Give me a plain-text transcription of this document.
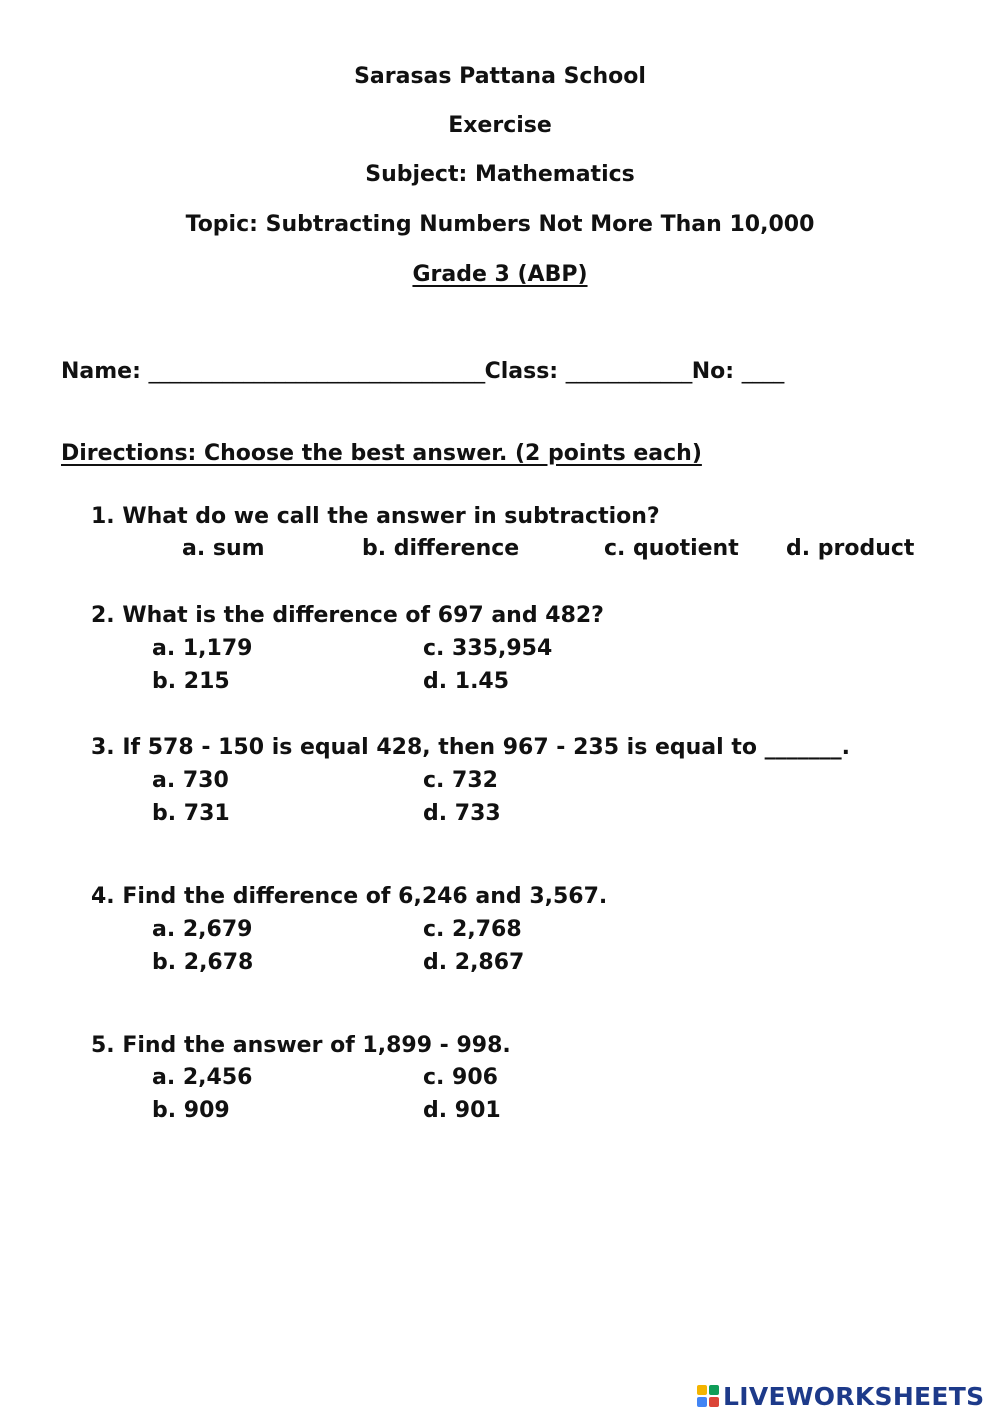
Sarasas Pattana School
Exercise
Subject: Mathematics
Topic: Subtracting Numbers Not More Than 10,000
Grade 3 (ABP)
Name: ________________________________Class: ____________No: ____
Directions: Choose the best answer. (2 points each)
1. What do we call the answer in subtraction?
a. sum	b. difference	c. quotient d. product
2. What is the difference of 697 and 482?
a. 1,179	c. 335,954
b. 215	d. 1.45
3. If 578 - 150 is equal 428, then 967 - 235 is equal to _______.
a. 730	c. 732
b. 731	d. 733
4. Find the difference of 6,246 and 3,567.
a. 2,679	c. 2,768
b. 2,678	d. 2,867
5. Find the answer of 1,899 - 998.
a. 2,456	c. 906
b. 909	d. 901
LIVEWORKSHEETS
